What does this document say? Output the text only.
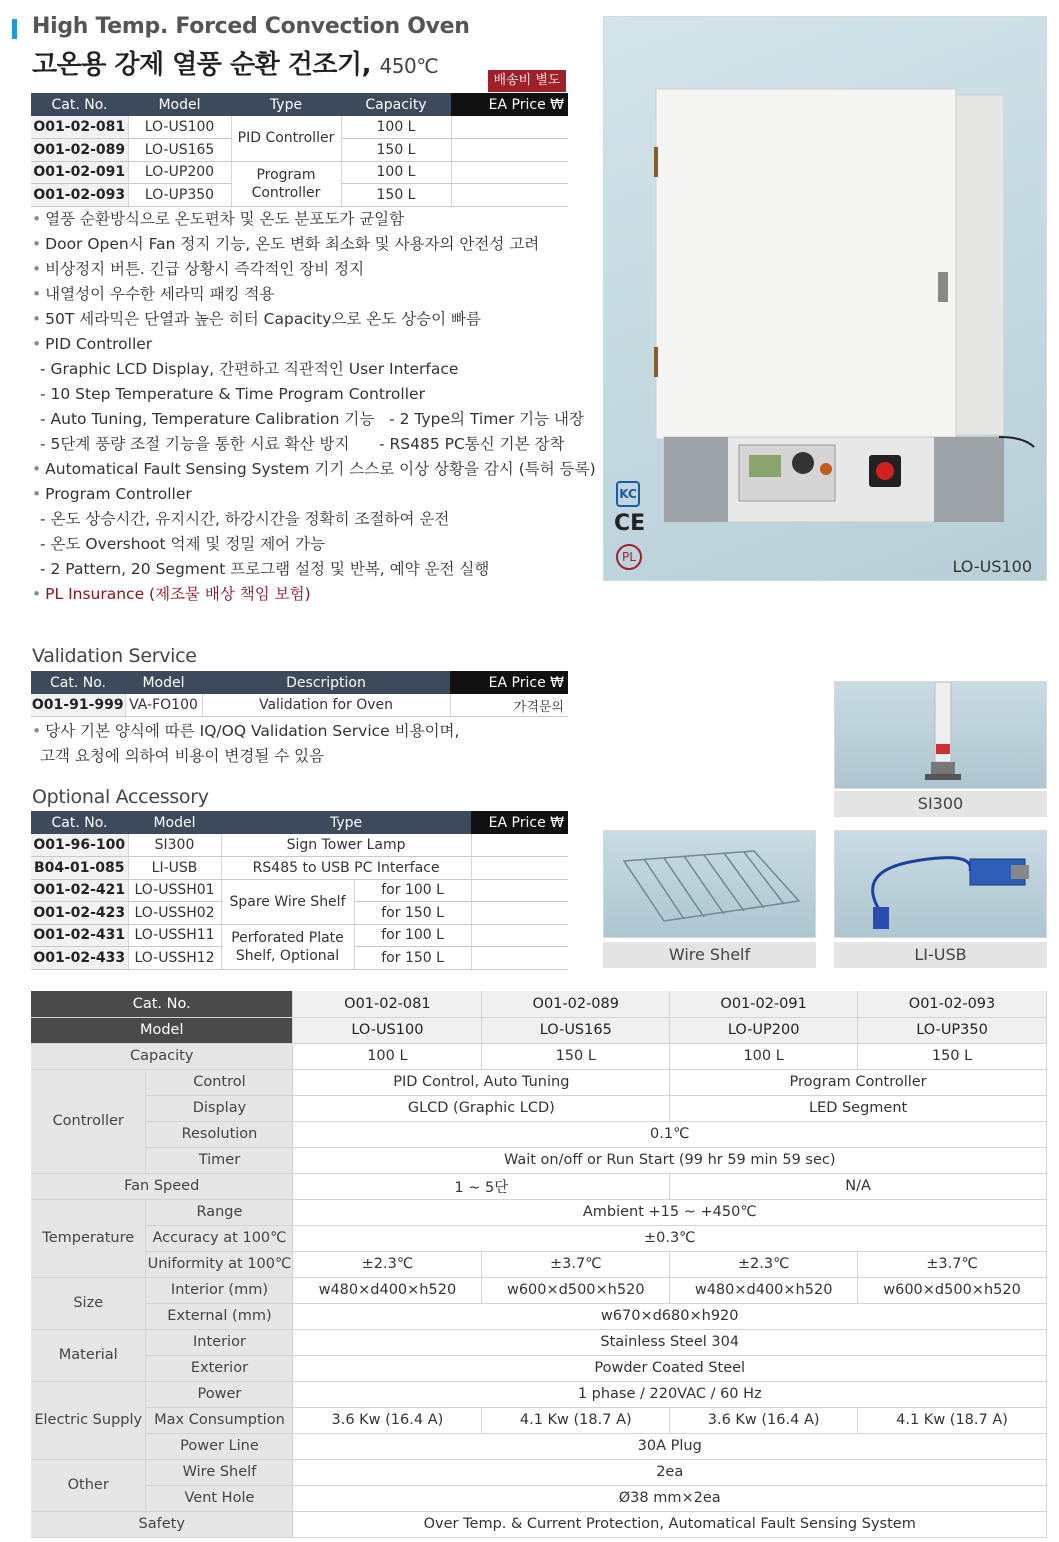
High Temp. Forced Convection Oven
고온용 강제 열풍 순환 건조기, 450℃
배송비 별도
Cat. No.	Model	Type	Capacity	EA Price ₩
O01-02-081	LO-US100	PID Controller	100 L	
O01-02-089	LO-US165		150 L	
O01-02-091	LO-UP200	Program
Controller	100 L	
O01-02-093	LO-UP350		150 L	
• 열풍 순환방식으로 온도편차 및 온도 분포도가 균일함
• Door Open시 Fan 정지 기능, 온도 변화 최소화 및 사용자의 안전성 고려
• 비상정지 버튼. 긴급 상황시 즉각적인 장비 정지
• 내열성이 우수한 세라믹 패킹 적용
• 50T 세라믹은 단열과 높은 히터 Capacity으로 온도 상승이 빠름
• PID Controller
- Graphic LCD Display, 간편하고 직관적인 User Interface
- 10 Step Temperature & Time Program Controller
- Auto Tuning, Temperature Calibration 기능   - 2 Type의 Timer 기능 내장
- 5단계 풍량 조절 기능을 통한 시료 확산 방지      - RS485 PC통신 기본 장착
• Automatical Fault Sensing System 기기 스스로 이상 상황을 감시 (특허 등록)
• Program Controller
- 온도 상승시간, 유지시간, 하강시간을 정확히 조절하여 운전
- 온도 Overshoot 억제 및 정밀 제어 가능
- 2 Pattern, 20 Segment 프로그램 설정 및 반복, 예약 운전 실행
• PL Insurance (제조물 배상 책임 보험)
KC
CE
PL	LO-US100
Validation Service
Cat. No.	Model	Description	EA Price ₩
O01-91-999	VA-FO100	Validation for Oven	가격문의
• 당사 기본 양식에 따른 IQ/OQ Validation Service 비용이며,
고객 요청에 의하여 비용이 변경될 수 있음
Optional Accessory
Cat. No.	Model	Type		EA Price ₩
O01-96-100	SI300	Sign Tower Lamp		
B04-01-085	LI-USB	RS485 to USB PC Interface		
O01-02-421	LO-USSH01	Spare Wire Shelf	for 100 L	
O01-02-423	LO-USSH02		for 150 L	
O01-02-431	LO-USSH11	Perforated Plate
Shelf, Optional	for 100 L	
O01-02-433	LO-USSH12		for 150 L	
SI300
Wire Shelf	LI-USB
Cat. No.		O01-02-081	O01-02-089	O01-02-091	O01-02-093
Model		LO-US100	LO-US165	LO-UP200	LO-UP350
Capacity		100 L	150 L	100 L	150 L
Controller	Control	PID Control, Auto Tuning		Program Controller	
	Display	GLCD (Graphic LCD)		LED Segment	
	Resolution	0.1℃			
	Timer	Wait on/off or Run Start (99 hr 59 min 59 sec)			
Fan Speed		1 ~ 5단		N/A	
Temperature	Range	Ambient +15 ~ +450℃			
	Accuracy at 100℃	±0.3℃			
	Uniformity at 100℃	±2.3℃	±3.7℃	±2.3℃	±3.7℃
Size	Interior (mm)	w480×d400×h520	w600×d500×h520	w480×d400×h520	w600×d500×h520
	External (mm)	w670×d680×h920			
Material	Interior	Stainless Steel 304			
	Exterior	Powder Coated Steel			
Electric Supply	Power	1 phase / 220VAC / 60 Hz			
	Max Consumption	3.6 Kw (16.4 A)	4.1 Kw (18.7 A)	3.6 Kw (16.4 A)	4.1 Kw (18.7 A)
	Power Line	30A Plug			
Other	Wire Shelf	2ea			
	Vent Hole	Ø38 mm×2ea			
Safety		Over Temp. & Current Protection, Automatical Fault Sensing System			
